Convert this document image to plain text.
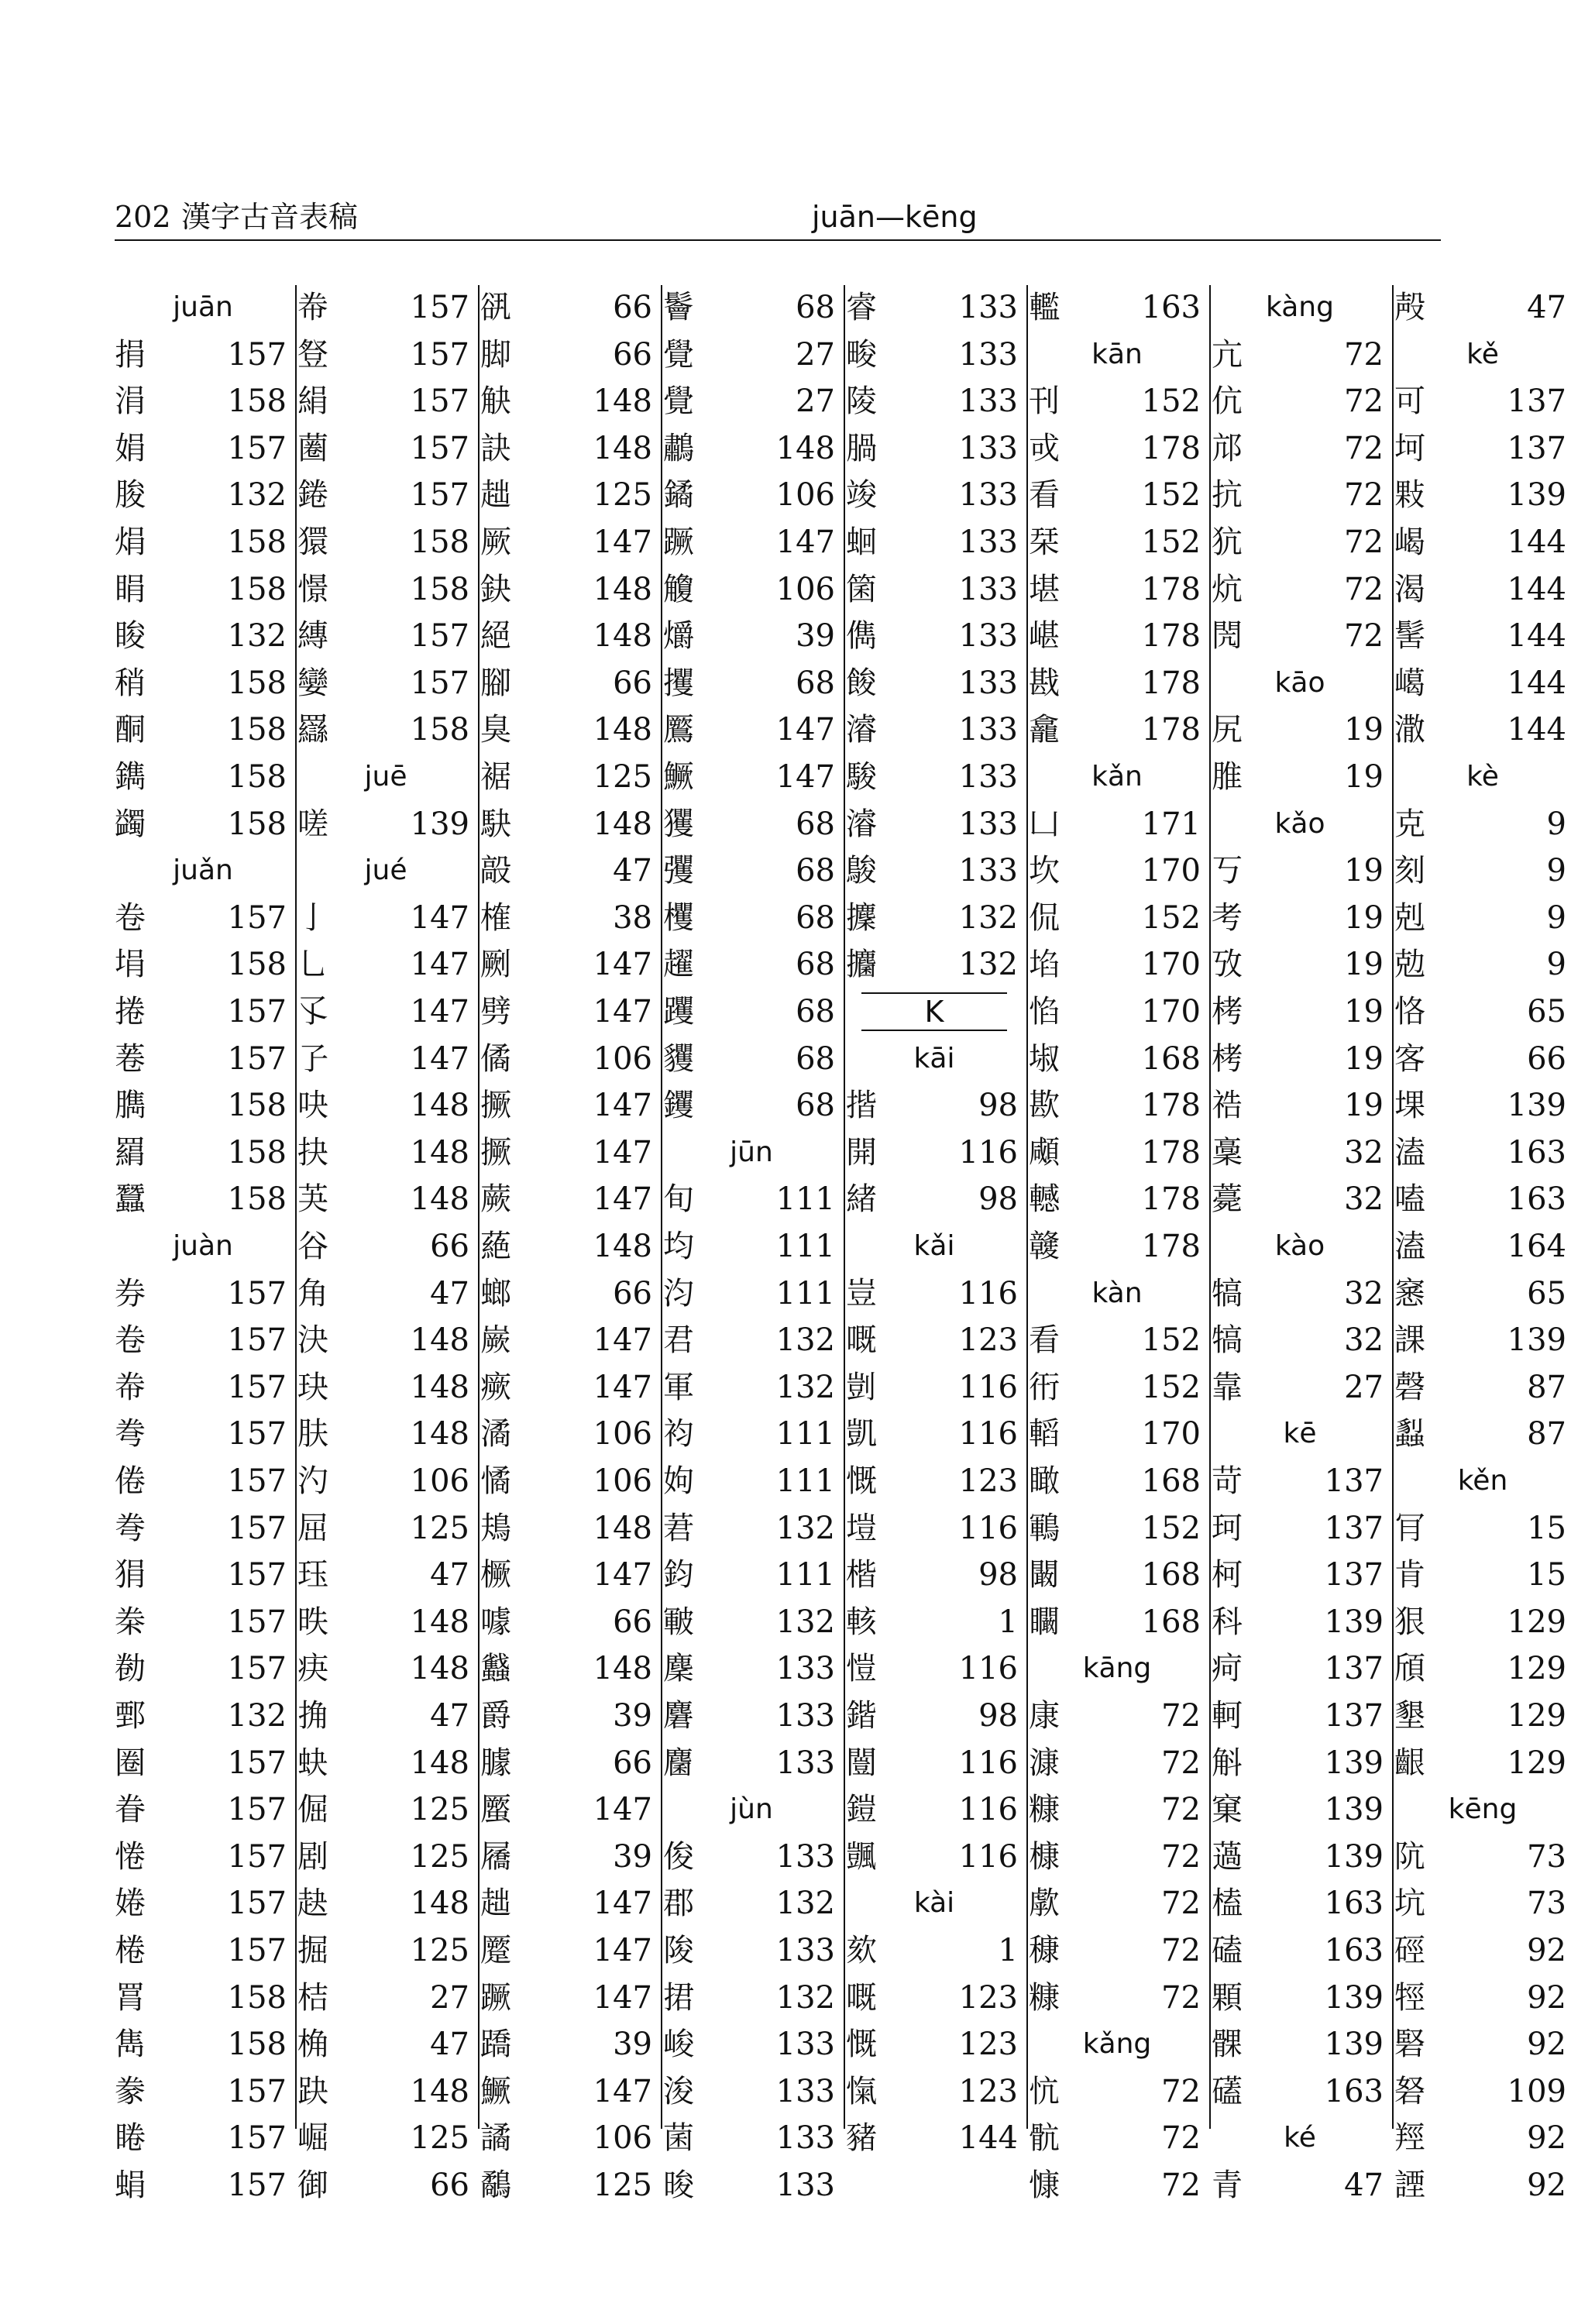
202 漢字古音表稿	juān—kēng
juān
捐	157
涓	158
娟	157
朘	132
焆	158
睊	158
睃	132
稍	158
酮	158
鐫	158
蠲	158
juǎn
卷	157
埍	158
捲	157
菤	157
臇	158
羂	158
蠶	158
juàn
券	157
卷	157
帣	157
弮	157
倦	157
弮	157
狷	157
桊	157
勌	157
鄄	132
圈	157
眷	157
惓	157
婘	157
棬	157
罥	158
雋	158
豢	157
睠	157
蜎	157
帣	157
豋	157
絹	157
蔨	157
錈	157
獧	158
憬	158
縳	157
孌	157
羉	158
juē
嗟	139
jué
亅	147
乚	147
孓	147
孒	147
吷	148
抉	148
芵	148
谷	66
角	47
決	148
玦	148
肤	148
汋	106
屈	125
珏	47
昳	148
疦	148
捔	47
蚗	148
倔	125
剧	125
赽	148
掘	125
桔	27
桷	47
趹	148
崛	125
御	66
谻	66
脚	66
觖	148
訣	148
趉	125
厥	147
鈌	148
絕	148
腳	66
臭	148
裾	125
駃	148
毃	47
榷	38
劂	147
劈	147
僪	106
撅	147
撅	147
蕨	147
蕝	148
螂	66
嶡	147
瘚	147
潏	106
憰	106
鳺	148
橛	147
噱	66
蠽	148
爵	39
臄	66
蟨	147
屩	39
趉	147
蹷	147
蹶	147
蹻	39
鱖	147
譎	106
鷸	125
鬠	68
覺	27
覺	27
鷫	148
鐍	106
蹶	147
觼	106
爝	39
攫	68
鷢	147
鱖	147
玃	68
彏	68
欔	68
趯	68
躩	68
貜	68
钁	68
jūn
旬	111
均	111
汮	111
君	132
軍	132
袀	111
姁	111
莙	132
鈞	111
皸	132
麇	133
麏	133
麕	133
jùn
俊	133
郡	132
陖	133
捃	132
峻	133
浚	133
菌	133
晙	133
睿	133
畯	133
陵	133
腡	133
竣	133
蛔	133
箘	133
儁	133
餕	133
濬	133
駿	133
濬	133
鵔	133
攈	132
攟	132
K
kāi
揩	98
開	116
緒	98
kǎi
豈	116
嘅	123
剴	116
凱	116
慨	123
塏	116
楷	98
輆	1
愷	116
鍇	98
闓	116
鎧	116
颽	116
kài
欬	1
嘅	123
慨	123
愾	123
豬	144
轞	163
kān
刊	152
戓	178
看	152
栞	152
堪	178
嵁	178
戡	178
龕	178
kǎn
凵	171
坎	170
侃	152
埳	170
惂	170
埱	168
歁	178
顑	178
轗	178
竷	178
kàn
看	152
衎	152
轁	170
瞰	168
鶤	152
闞	168
矙	168
kāng
康	72
漮	72
糠	72
槺	72
歑	72
穅	72
糠	72
kǎng
忼	72
骯	72
慷	72
kàng
亢	72
伉	72
邟	72
抗	72
犺	72
炕	72
閌	72
kāo
尻	19
脽	19
kǎo
丂	19
考	19
攷	19
栲	19
栲	19
祰	19
稾	32
薧	32
kào
犒	32
犒	32
靠	27
kē
苛	137
珂	137
柯	137
科	139
疴	137
軻	137
斛	139
窠	139
薖	139
榼	163
磕	163
顆	139
髁	139
礚	163
ké
青	47
殸	47
kě
可	137
坷	137
敤	139
嵑	144
渴	144
髺	144
嶱	144
潵	144
kè
克	9
刻	9
剋	9
勊	9
恪	65
客	66
堁	139
溘	163
嗑	163
溘	164
窸	65
課	139
磬	87
蠫	87
kěn
肎	15
肯	15
狠	129
頎	129
墾	129
齦	129
kēng
阬	73
坑	73
硜	92
牼	92
硻	92
砮	109
羥	92
諲	92
